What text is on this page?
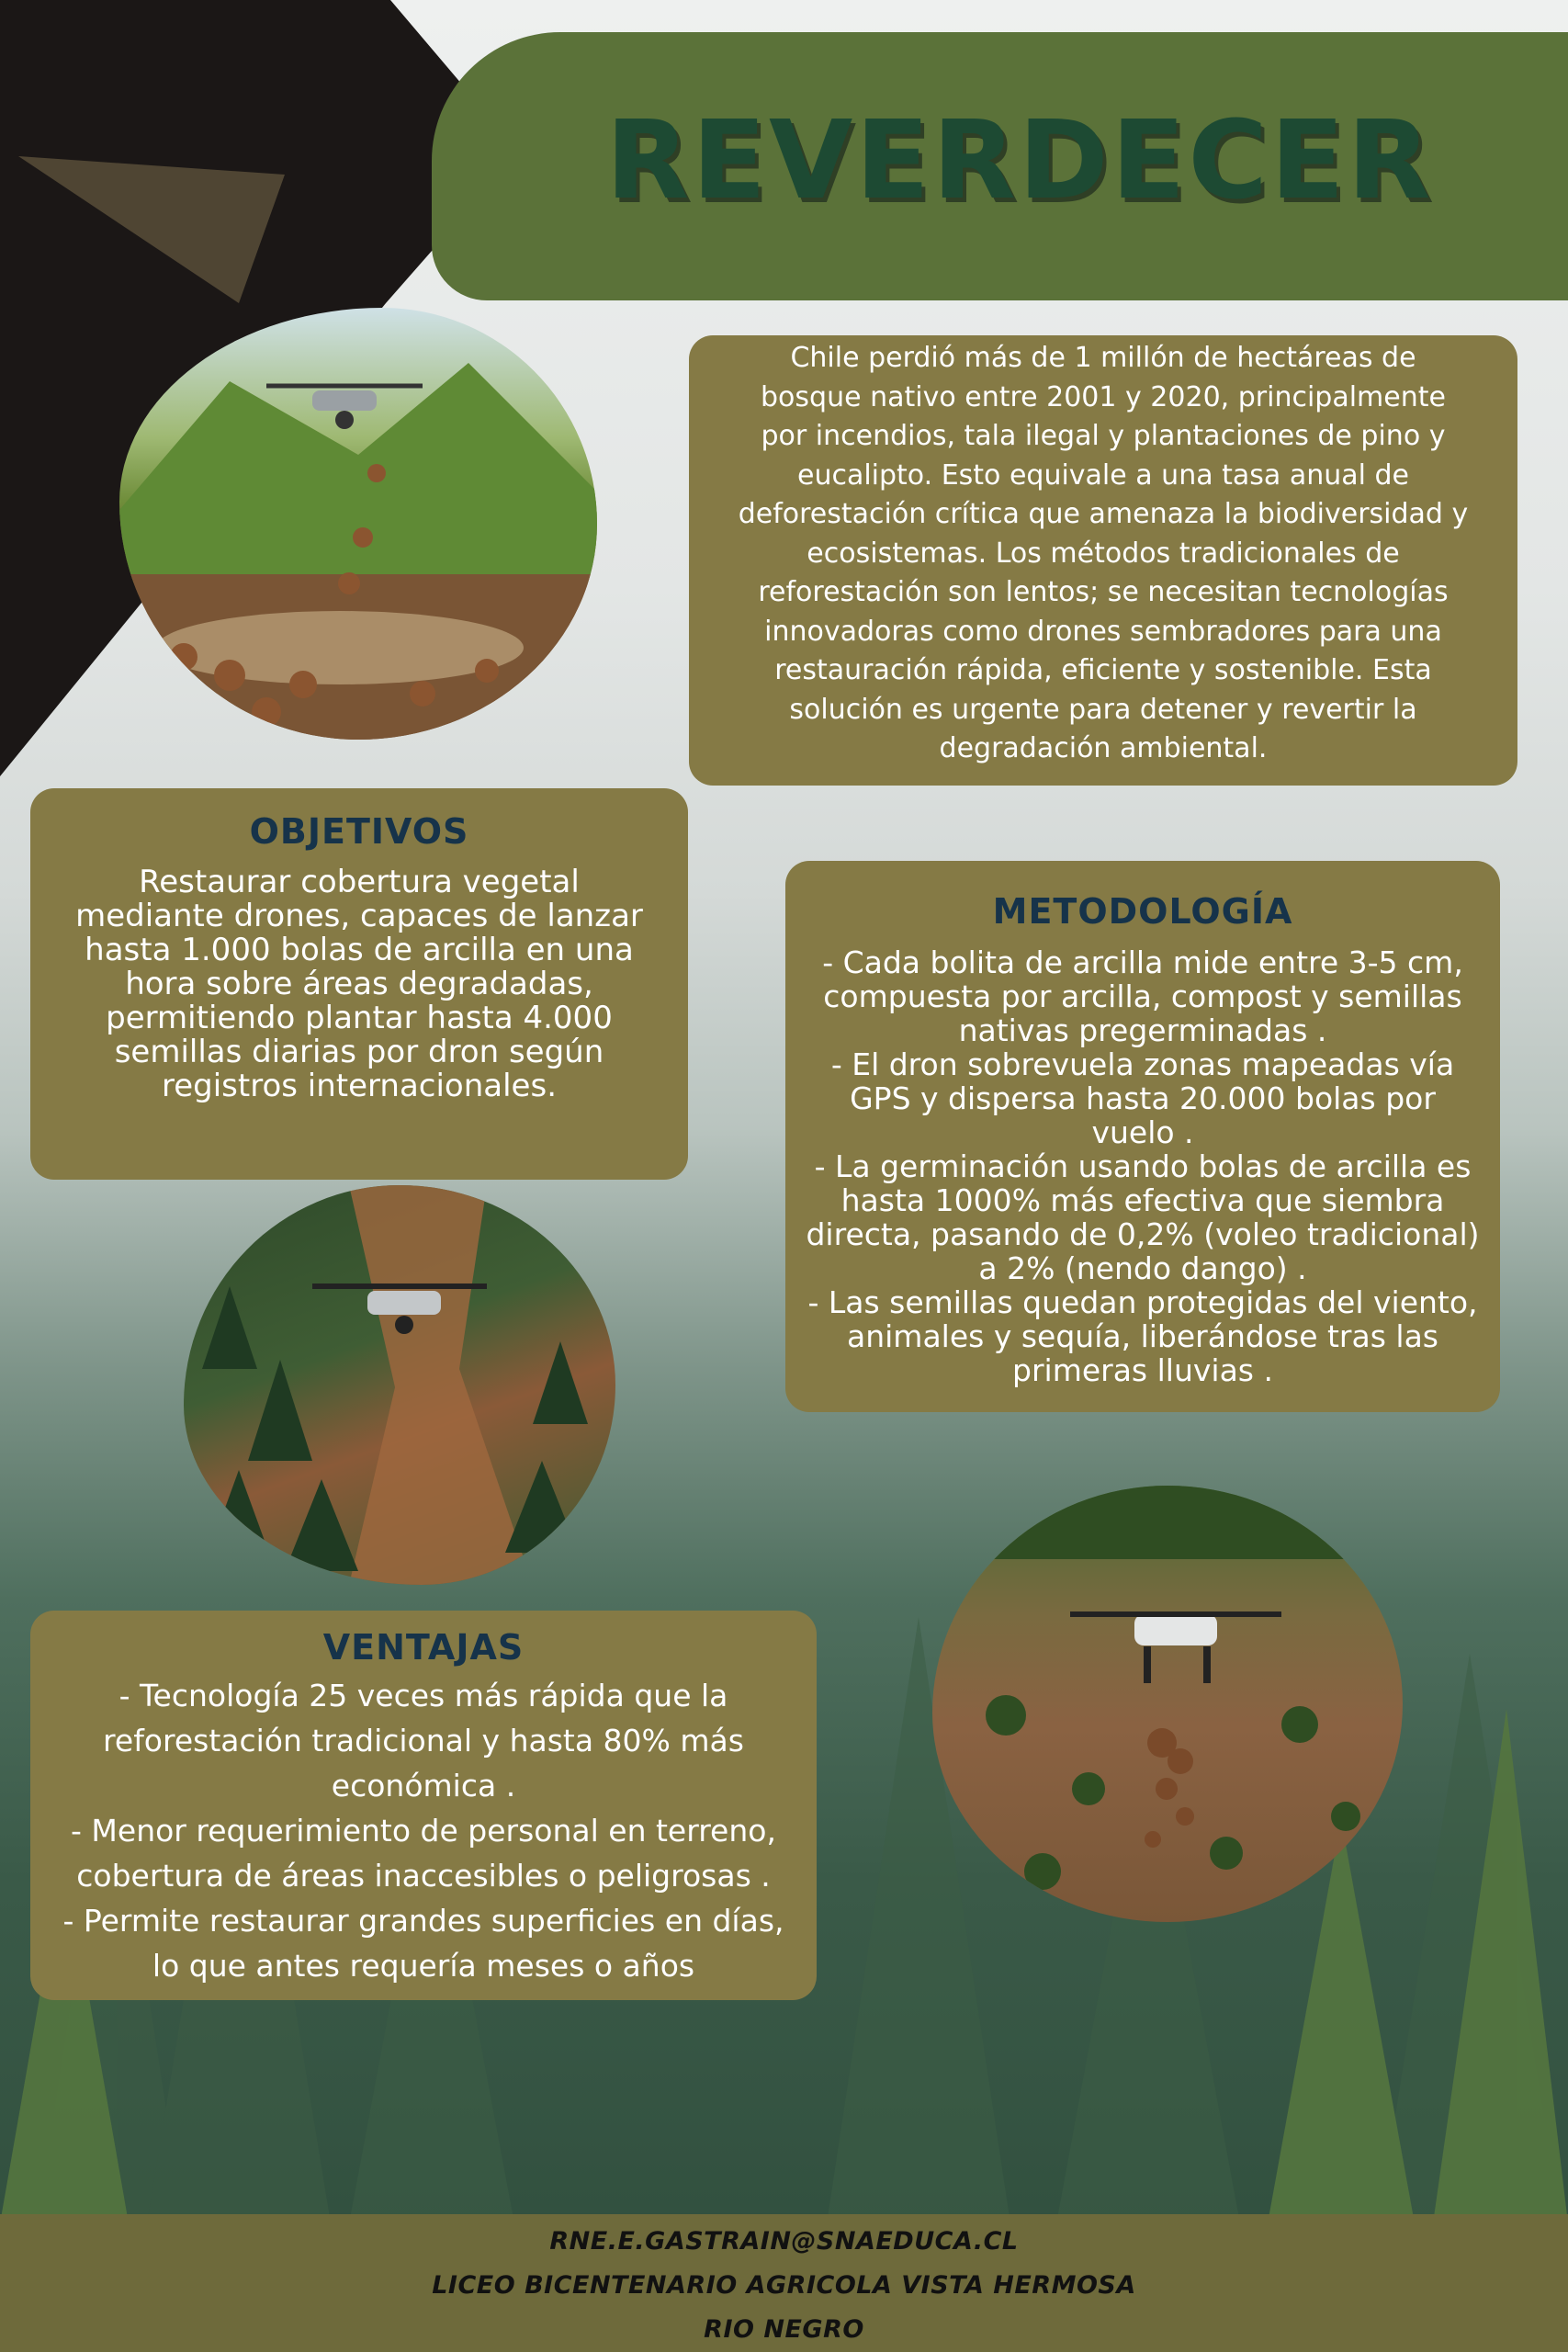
REVERDECER
Chile perdió más de 1 millón de hectáreas de bosque nativo entre 2001 y 2020, principalmente por incendios, tala ilegal y plantaciones de pino y eucalipto. Esto equivale a una tasa anual de deforestación crítica que amenaza la biodiversidad y ecosistemas. Los métodos tradicionales de reforestación son lentos; se necesitan tecnologías innovadoras como drones sembradores para una restauración rápida, eficiente y sostenible. Esta solución es urgente para detener y revertir la degradación ambiental.
OBJETIVOS
Restaurar cobertura vegetal mediante drones, capaces de lanzar hasta 1.000 bolas de arcilla en una hora sobre áreas degradadas, permitiendo plantar hasta 4.000 semillas diarias por dron según registros internacionales.
METODOLOGÍA
- Cada bolita de arcilla mide entre 3-5 cm, compuesta por arcilla, compost y semillas nativas pregerminadas .
- El dron sobrevuela zonas mapeadas vía GPS y dispersa hasta 20.000 bolas por vuelo .
- La germinación usando bolas de arcilla es hasta 1000% más efectiva que siembra directa, pasando de 0,2% (voleo tradicional) a 2% (nendo dango) .
- Las semillas quedan protegidas del viento, animales y sequía, liberándose tras las primeras lluvias .
VENTAJAS
- Tecnología 25 veces más rápida que la reforestación tradicional y hasta 80% más económica .
- Menor requerimiento de personal en terreno, cobertura de áreas inaccesibles o peligrosas .
- Permite restaurar grandes superficies en días, lo que antes requería meses o años
RNE.E.GASTRAIN@SNAEDUCA.CL
LICEO BICENTENARIO AGRICOLA VISTA HERMOSA
RIO NEGRO
